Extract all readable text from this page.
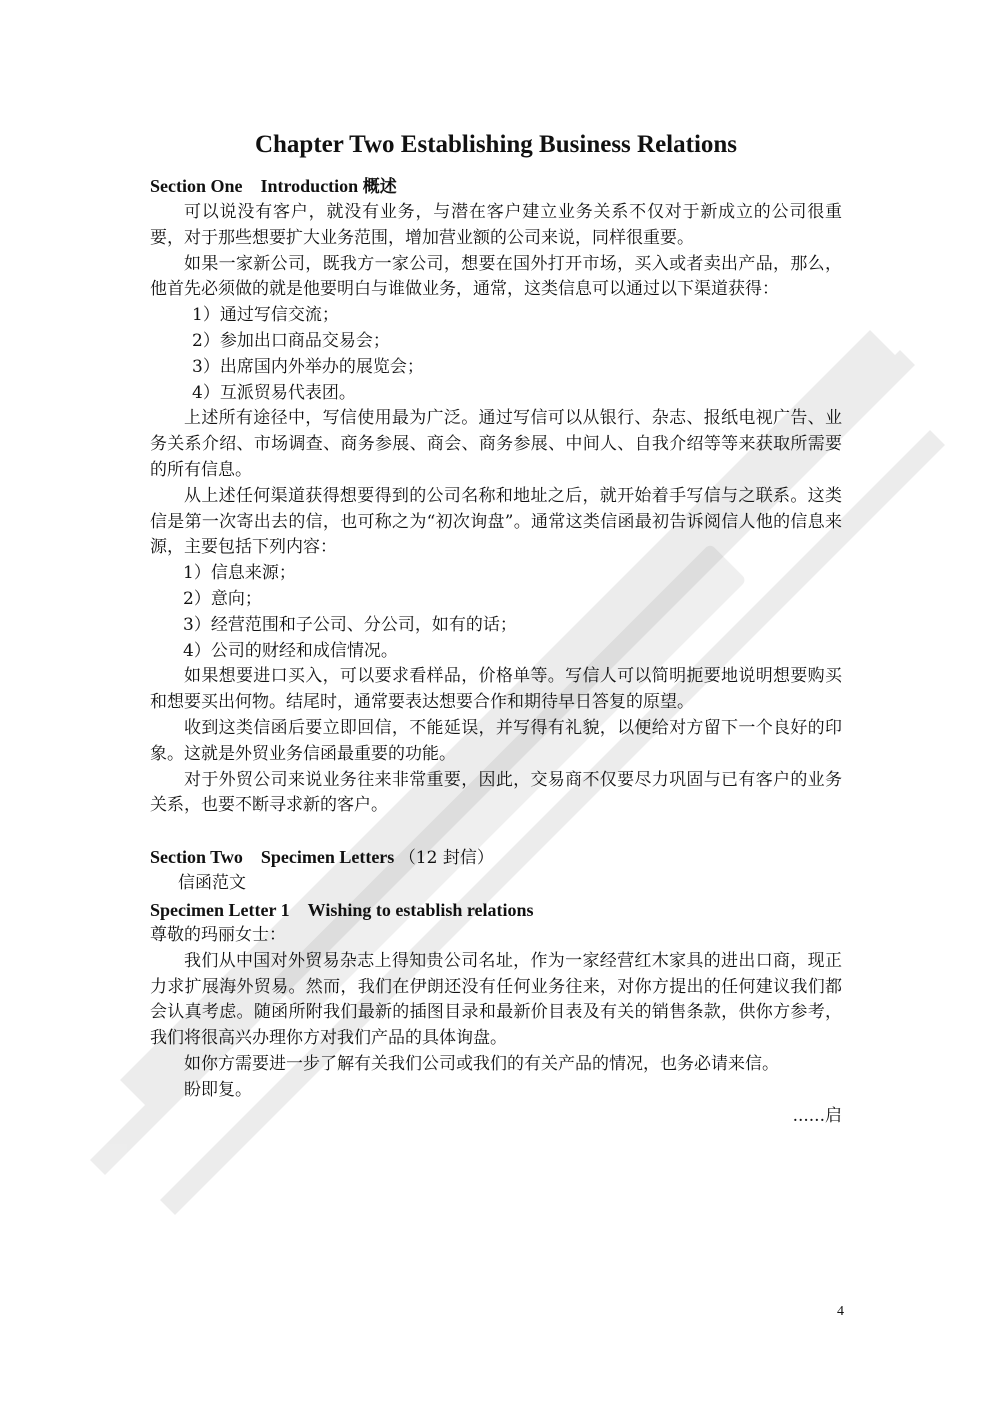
Chapter Two Establishing Business Relations
Section One Introduction 概述

可以说没有客户，就没有业务，与潜在客户建立业务关系不仅对于新成立的公司很重要，对于那些想要扩大业务范围，增加营业额的公司来说，同样很重要。

如果一家新公司，既我方一家公司，想要在国外打开市场，买入或者卖出产品，那么，他首先必须做的就是他要明白与谁做业务，通常，这类信息可以通过以下渠道获得：

1）通过写信交流；

2）参加出口商品交易会；

3）出席国内外举办的展览会；

4）互派贸易代表团。

上述所有途径中，写信使用最为广泛。通过写信可以从银行、杂志、报纸电视广告、业务关系介绍、市场调查、商务参展、商会、商务参展、中间人、自我介绍等等来获取所需要的所有信息。

从上述任何渠道获得想要得到的公司名称和地址之后，就开始着手写信与之联系。这类信是第一次寄出去的信，也可称之为“初次询盘”。通常这类信函最初告诉阅信人他的信息来源，主要包括下列内容：

1）信息来源；

2）意向；

3）经营范围和子公司、分公司，如有的话；

4）公司的财经和成信情况。

如果想要进口买入，可以要求看样品，价格单等。写信人可以简明扼要地说明想要购买和想要买出何物。结尾时，通常要表达想要合作和期待早日答复的原望。

收到这类信函后要立即回信，不能延误，并写得有礼貌，以便给对方留下一个良好的印象。这就是外贸业务信函最重要的功能。

对于外贸公司来说业务往来非常重要，因此，交易商不仅要尽力巩固与已有客户的业务关系，也要不断寻求新的客户。

Section Two Specimen Letters （12 封信）

信函范文

Specimen Letter 1 Wishing to establish relations

尊敬的玛丽女士：

我们从中国对外贸易杂志上得知贵公司名址，作为一家经营红木家具的进出口商，现正力求扩展海外贸易。然而，我们在伊朗还没有任何业务往来，对你方提出的任何建议我们都会认真考虑。随函所附我们最新的插图目录和最新价目表及有关的销售条款，供你方参考，我们将很高兴办理你方对我们产品的具体询盘。

如你方需要进一步了解有关我们公司或我们的有关产品的情况，也务必请来信。

盼即复。

......启

4
